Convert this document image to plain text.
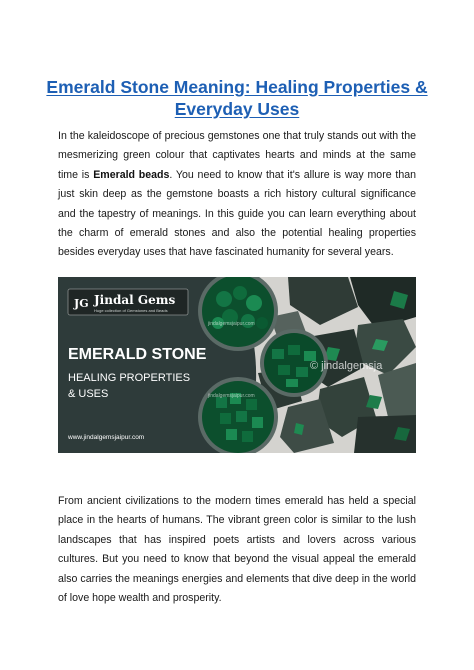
Emerald Stone Meaning: Healing Properties & Everyday Uses

In the kaleidoscope of precious gemstones one that truly stands out with the mesmerizing green colour that captivates hearts and minds at the same time is Emerald beads. You need to know that it's allure is way more than just skin deep as the gemstone boasts a rich history cultural significance and the tapestry of meanings. In this guide you can learn everything about the charm of emerald stones and also the potential healing properties besides everyday uses that have fascinated humanity for several years.

JG Jindal Gems
Huge collection of Gemstones and Beads
EMERALD STONE
HEALING PROPERTIES
& USES
www.jindalgemsjaipur.com
© jindalgemsja
jindalgemsjaipur.com
jindalgemsjaipur.com

From ancient civilizations to the modern times emerald has held a special place in the hearts of humans. The vibrant green color is similar to the lush landscapes that has inspired poets artists and lovers across various cultures. But you need to know that beyond the visual appeal the emerald also carries the meanings energies and elements that dive deep in the world of love hope wealth and prosperity.
